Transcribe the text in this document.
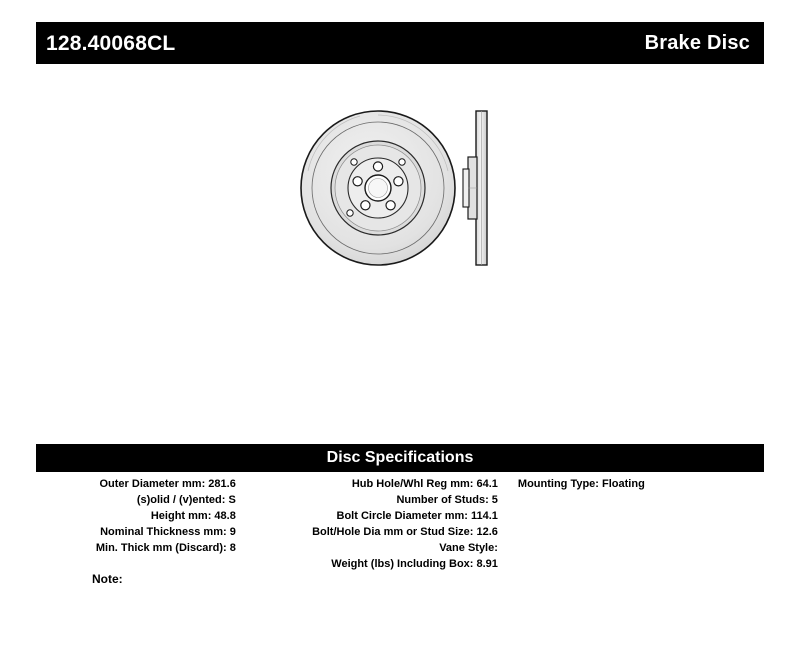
128.40068CL	Brake Disc
Disc Specifications
Outer Diameter mm: 281.6
(s)olid / (v)ented: S
Height mm: 48.8
Nominal Thickness mm: 9
Min. Thick mm (Discard): 8
Hub Hole/Whl Reg mm: 64.1
Number of Studs: 5
Bolt Circle Diameter mm: 114.1
Bolt/Hole Dia mm or Stud Size: 12.6
Vane Style:
Weight (lbs) Including Box: 8.91
Mounting Type: Floating
Note:
